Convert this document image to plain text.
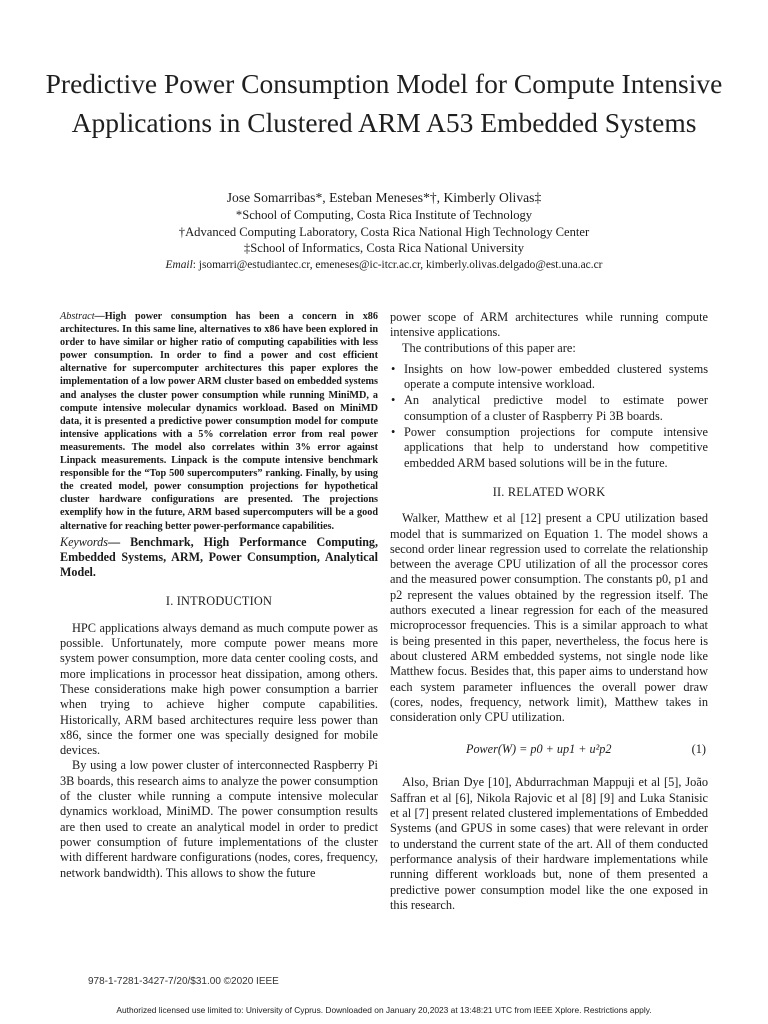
Predictive Power Consumption Model for Compute Intensive Applications in Clustered ARM A53 Embedded Systems
Jose Somarribas*, Esteban Meneses*†, Kimberly Olivas‡
*School of Computing, Costa Rica Institute of Technology
†Advanced Computing Laboratory, Costa Rica National High Technology Center
‡School of Informatics, Costa Rica National University
Email: jsomarri@estudiantec.cr, emeneses@ic-itcr.ac.cr, kimberly.olivas.delgado@est.una.ac.cr
Abstract—High power consumption has been a concern in x86 architectures. In this same line, alternatives to x86 have been explored in order to have similar or higher ratio of computing capabilities with less power consumption. In order to find a power and cost efficient alternative for supercomputer architectures this paper explores the implementation of a low power ARM cluster based on embedded systems and analyses the cluster power consumption while running MiniMD, a compute intensive molecular dynamics workload. Based on MiniMD data, it is presented a predictive power consumption model for compute intensive applications with a 5% correlation error from real power measurements. The model also correlates within 3% error against Linpack measurements. Linpack is the compute intensive benchmark responsible for the “Top 500 supercomputers” ranking. Finally, by using the created model, power consumption projections for hypothetical cluster hardware configurations are presented. The projections exemplify how in the future, ARM based supercomputers will be a good alternative for reaching better power-performance capabilities.
Keywords— Benchmark, High Performance Computing, Embedded Systems, ARM, Power Consumption, Analytical Model.
I. INTRODUCTION

HPC applications always demand as much compute power as possible. Unfortunately, more compute power means more system power consumption, more data center cooling costs, and more implications in processor heat dissipation, among others. These considerations make high power consumption a barrier when trying to achieve higher compute capabilities. Historically, ARM based architectures require less power than x86, since the former one was specially designed for mobile devices.

By using a low power cluster of interconnected Raspberry Pi 3B boards, this research aims to analyze the power consumption of the cluster while running a compute intensive molecular dynamics workload, MiniMD. The power consumption results are then used to create an analytical model in order to predict power consumption of future implementations of the cluster with different hardware configurations (nodes, cores, frequency, network bandwidth). This allows to show the future

power scope of ARM architectures while running compute intensive applications.

The contributions of this paper are:

• Insights on how low-power embedded clustered systems operate a compute intensive workload.
• An analytical predictive model to estimate power consumption of a cluster of Raspberry Pi 3B boards.
• Power consumption projections for compute intensive applications that help to understand how competitive embedded ARM based solutions will be in the future.
II. RELATED WORK

Walker, Matthew et al [12] present a CPU utilization based model that is summarized on Equation 1. The model shows a second order linear regression used to correlate the relationship between the average CPU utilization of all the processor cores and the measured power consumption. The constants p0, p1 and p2 represent the values obtained by the regression itself. The authors executed a linear regression for each of the measured microprocessor frequencies. This is a similar approach to what is being presented in this paper, nevertheless, the focus here is about clustered ARM embedded systems, not single node like Matthew focus. Besides that, this paper aims to understand how each system parameter influences the overall power draw (cores, nodes, frequency, network limit), Matthew takes in consideration only CPU utilization.

Power(W) = p0 + up1 + u²p2	(1)

Also, Brian Dye [10], Abdurrachman Mappuji et al [5], João Saffran et al [6], Nikola Rajovic et al [8] [9] and Luka Stanisic et al [7] present related clustered implementations of Embedded Systems (and GPUS in some cases) that were relevant in order to understand the current state of the art. All of them conducted performance analysis of their hardware implementations while running different workloads but, none of them presented a predictive power consumption model like the one exposed in this research.

978-1-7281-3427-7/20/$31.00 ©2020 IEEE
Authorized licensed use limited to: University of Cyprus. Downloaded on January 20,2023 at 13:48:21 UTC from IEEE Xplore. Restrictions apply.
